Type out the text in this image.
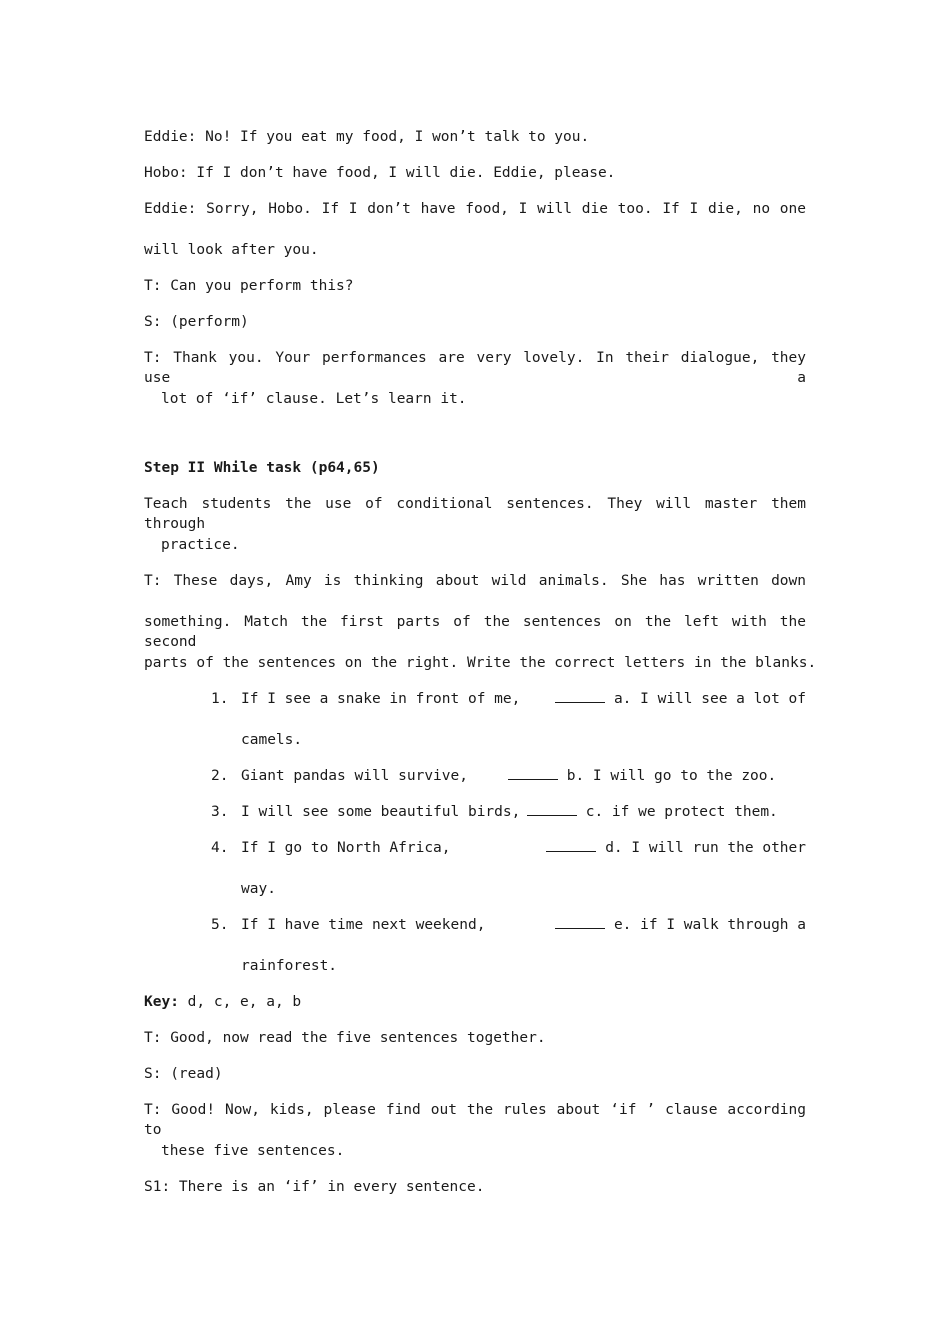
Eddie: No! If you eat my food, I won’t talk to you.
Hobo: If I don’t have food, I will die. Eddie, please.
Eddie: Sorry, Hobo. If I don’t have food, I will die too. If I die, no one
will look after you.
T: Can you perform this?
S: (perform)
T: Thank you. Your performances are very lovely. In their dialogue, they use a
lot of ‘if’ clause. Let’s learn it.
Step II While task (p64,65)
Teach students the use of conditional sentences. They will master them through
practice.
T: These days, Amy is thinking about wild animals. She has written down
something. Match the first parts of the sentences on the left with the second
parts of the sentences on the right. Write the correct letters in the blanks.
1. If I see a snake in front of me,	a. I will see a lot of
camels.
2. Giant pandas will survive,	b. I will go to the zoo.
3. I will see some beautiful birds,	c. if we protect them.
4. If I go to North Africa,	d. I will run the other
way.
5. If I have time next weekend,	e. if I walk through a
rainforest.
Key: d, c, e, a, b
T: Good, now read the five sentences together.
S: (read)
T: Good! Now, kids, please find out the rules about ‘if ’ clause according to
these five sentences.
S1: There is an ‘if’ in every sentence.
